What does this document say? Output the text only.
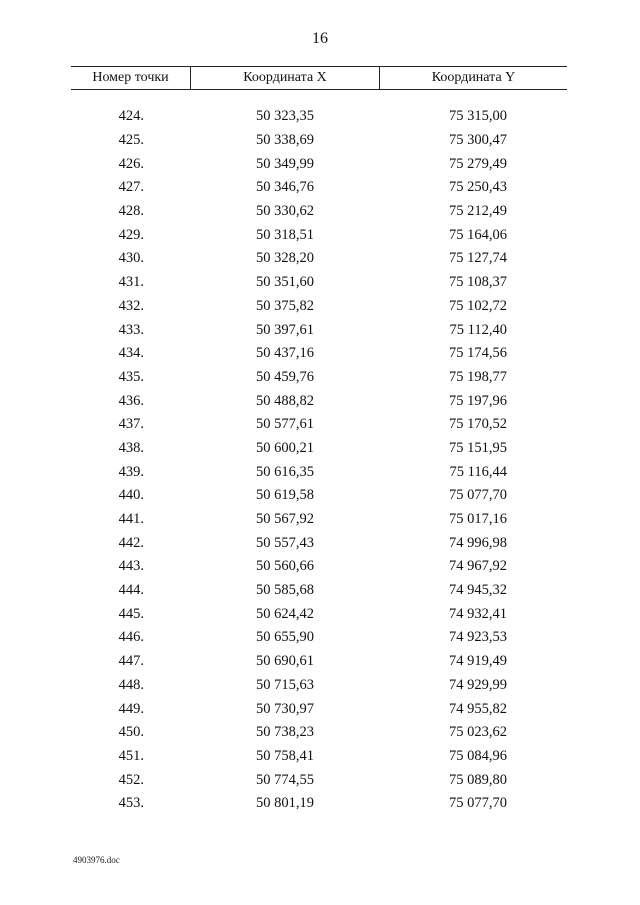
16
Номер точки	Координата X	Координата Y
424.	50 323,35	75 315,00
425.	50 338,69	75 300,47
426.	50 349,99	75 279,49
427.	50 346,76	75 250,43
428.	50 330,62	75 212,49
429.	50 318,51	75 164,06
430.	50 328,20	75 127,74
431.	50 351,60	75 108,37
432.	50 375,82	75 102,72
433.	50 397,61	75 112,40
434.	50 437,16	75 174,56
435.	50 459,76	75 198,77
436.	50 488,82	75 197,96
437.	50 577,61	75 170,52
438.	50 600,21	75 151,95
439.	50 616,35	75 116,44
440.	50 619,58	75 077,70
441.	50 567,92	75 017,16
442.	50 557,43	74 996,98
443.	50 560,66	74 967,92
444.	50 585,68	74 945,32
445.	50 624,42	74 932,41
446.	50 655,90	74 923,53
447.	50 690,61	74 919,49
448.	50 715,63	74 929,99
449.	50 730,97	74 955,82
450.	50 738,23	75 023,62
451.	50 758,41	75 084,96
452.	50 774,55	75 089,80
453.	50 801,19	75 077,70
4903976.doc
